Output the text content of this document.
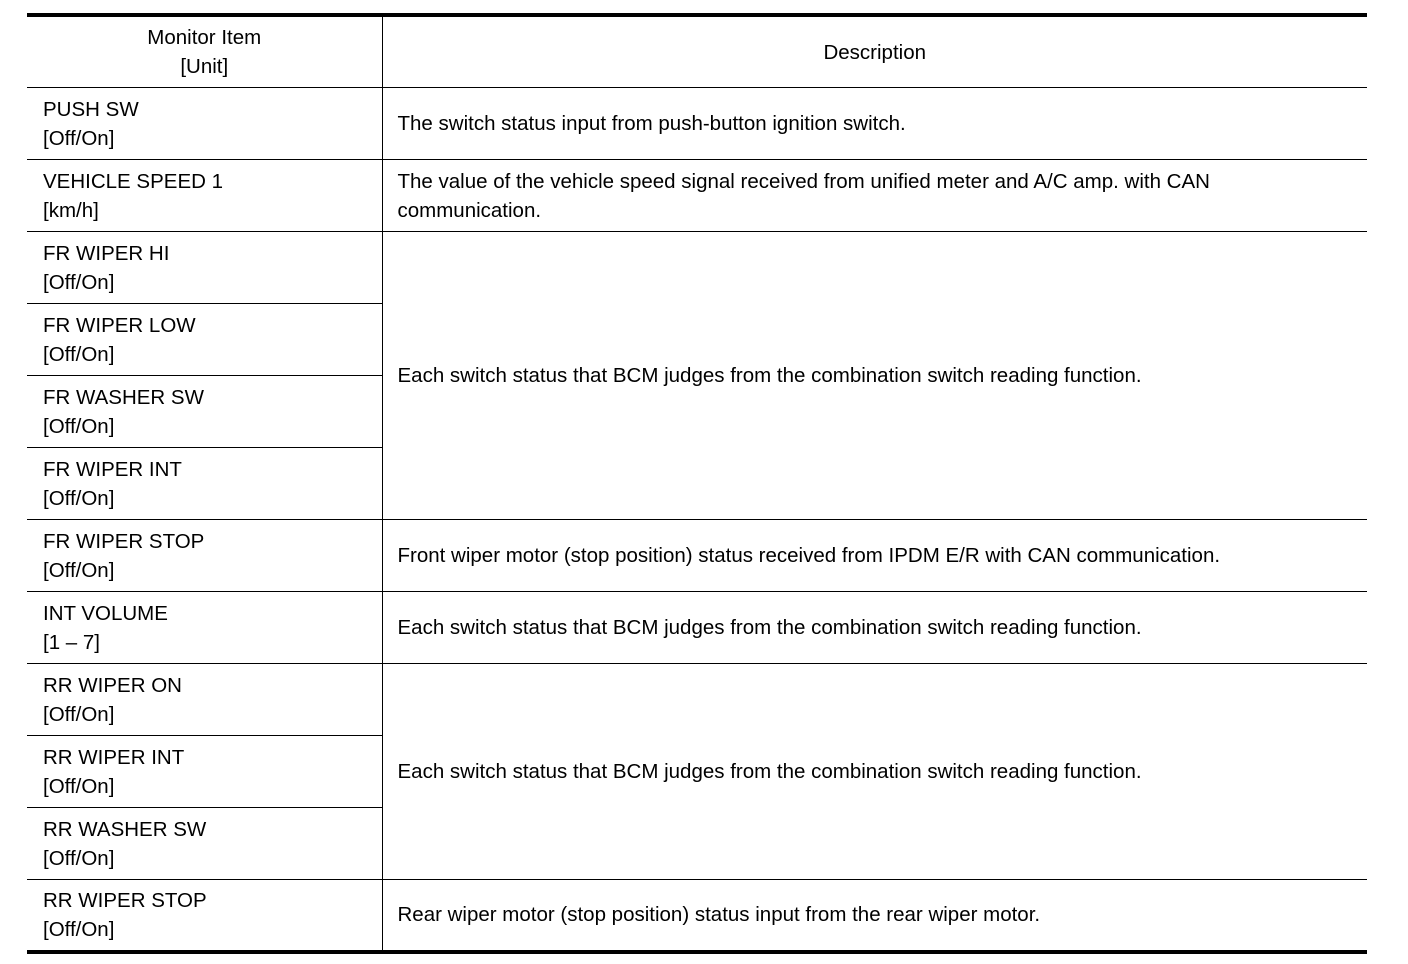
Monitor Item
[Unit]	Description

PUSH SW
[Off/On]	The switch status input from push-button ignition switch.

VEHICLE SPEED 1
[km/h]	The value of the vehicle speed signal received from unified meter and A/C amp. with CAN communication.

FR WIPER HI
[Off/On]	Each switch status that BCM judges from the combination switch reading function.

FR WIPER LOW
[Off/On]	

FR WASHER SW
[Off/On]	

FR WIPER INT
[Off/On]	

FR WIPER STOP
[Off/On]	Front wiper motor (stop position) status received from IPDM E/R with CAN communication.

INT VOLUME
[1 – 7]	Each switch status that BCM judges from the combination switch reading function.

RR WIPER ON
[Off/On]	Each switch status that BCM judges from the combination switch reading function.

RR WIPER INT
[Off/On]	

RR WASHER SW
[Off/On]	

RR WIPER STOP
[Off/On]	Rear wiper motor (stop position) status input from the rear wiper motor.
